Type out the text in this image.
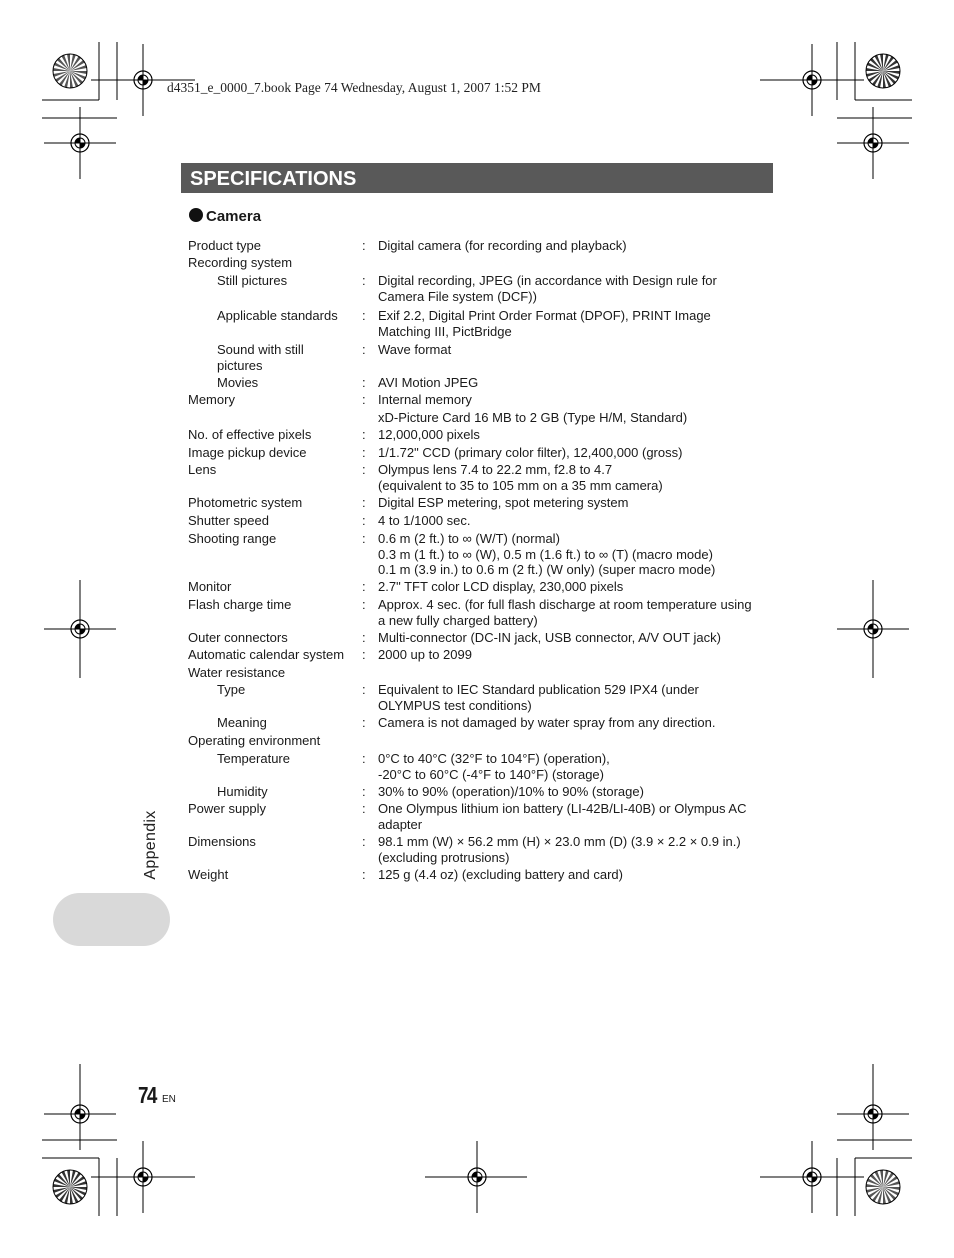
d4351_e_0000_7.book Page 74 Wednesday, August 1, 2007 1:52 PM
SPECIFICATIONS
Camera
Product type	: Digital camera (for recording and playback)
Recording system
Still pictures	: Digital recording, JPEG (in accordance with Design rule for
Camera File system (DCF))
Applicable standards : Exif 2.2, Digital Print Order Format (DPOF), PRINT Image
Matching III, PictBridge
Sound with still
pictures
: Wave format
Movies	: AVI Motion JPEG
Memory	: Internal memory
xD-Picture Card 16 MB to 2 GB (Type H/M, Standard)
No. of effective pixels	: 12,000,000 pixels
Image pickup device	: 1/1.72" CCD (primary color filter), 12,400,000 (gross)
Lens	: Olympus lens 7.4 to 22.2 mm, f2.8 to 4.7
(equivalent to 35 to 105 mm on a 35 mm camera)
Photometric system	: Digital ESP metering, spot metering system
Shutter speed	: 4 to 1/1000 sec.
Shooting range	: 0.6 m (2 ft.) to ∞ (W/T) (normal)
0.3 m (1 ft.) to ∞ (W), 0.5 m (1.6 ft.) to ∞ (T) (macro mode)
0.1 m (3.9 in.) to 0.6 m (2 ft.) (W only) (super macro mode)
Monitor	: 2.7" TFT color LCD display, 230,000 pixels
Flash charge time	: Approx. 4 sec. (for full flash discharge at room temperature using
a new fully charged battery)
Outer connectors	: Multi-connector (DC-IN jack, USB connector, A/V OUT jack)
Automatic calendar system : 2000 up to 2099
Water resistance
Type	: Equivalent to IEC Standard publication 529 IPX4 (under
OLYMPUS test conditions)
Meaning	: Camera is not damaged by water spray from any direction.
Operating environment
Temperature	: 0°C to 40°C (32°F to 104°F) (operation),
-20°C to 60°C (-4°F to 140°F) (storage)
Humidity	: 30% to 90% (operation)/10% to 90% (storage)
Power supply	: One Olympus lithium ion battery (LI-42B/LI-40B) or Olympus AC
adapter
Dimensions	: 98.1 mm (W) × 56.2 mm (H) × 23.0 mm (D) (3.9 × 2.2 × 0.9 in.)
(excluding protrusions)
Weight	: 125 g (4.4 oz) (excluding battery and card)
Appendix
74 EN
